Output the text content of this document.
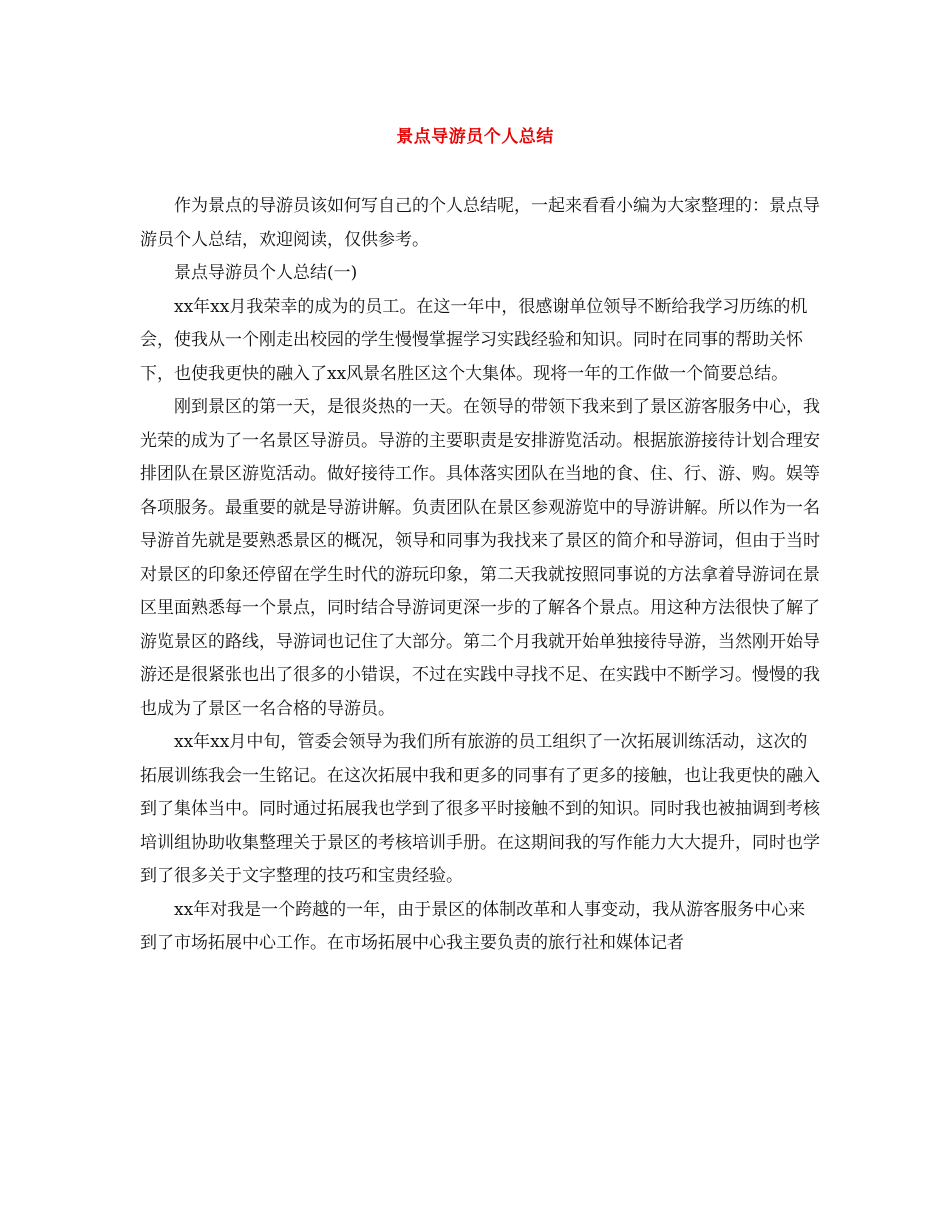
景点导游员个人总结

作为景点的导游员该如何写自己的个人总结呢，一起来看看小编为大家整理的：景点导游员个人总结，欢迎阅读，仅供参考。

景点导游员个人总结(一)

xx年xx月我荣幸的成为的员工。在这一年中，很感谢单位领导不断给我学习历练的机会，使我从一个刚走出校园的学生慢慢掌握学习实践经验和知识。同时在同事的帮助关怀下，也使我更快的融入了xx风景名胜区这个大集体。现将一年的工作做一个简要总结。

刚到景区的第一天，是很炎热的一天。在领导的带领下我来到了景区游客服务中心，我光荣的成为了一名景区导游员。导游的主要职责是安排游览活动。根据旅游接待计划合理安排团队在景区游览活动。做好接待工作。具体落实团队在当地的食、住、行、游、购。娱等各项服务。最重要的就是导游讲解。负责团队在景区参观游览中的导游讲解。所以作为一名导游首先就是要熟悉景区的概况，领导和同事为我找来了景区的简介和导游词，但由于当时对景区的印象还停留在学生时代的游玩印象，第二天我就按照同事说的方法拿着导游词在景区里面熟悉每一个景点，同时结合导游词更深一步的了解各个景点。用这种方法很快了解了游览景区的路线，导游词也记住了大部分。第二个月我就开始单独接待导游，当然刚开始导游还是很紧张也出了很多的小错误，不过在实践中寻找不足、在实践中不断学习。慢慢的我也成为了景区一名合格的导游员。

xx年xx月中旬，管委会领导为我们所有旅游的员工组织了一次拓展训练活动，这次的拓展训练我会一生铭记。在这次拓展中我和更多的同事有了更多的接触，也让我更快的融入到了集体当中。同时通过拓展我也学到了很多平时接触不到的知识。同时我也被抽调到考核培训组协助收集整理关于景区的考核培训手册。在这期间我的写作能力大大提升，同时也学到了很多关于文字整理的技巧和宝贵经验。

xx年对我是一个跨越的一年，由于景区的体制改革和人事变动，我从游客服务中心来到了市场拓展中心工作。在市场拓展中心我主要负责的旅行社和媒体记者
